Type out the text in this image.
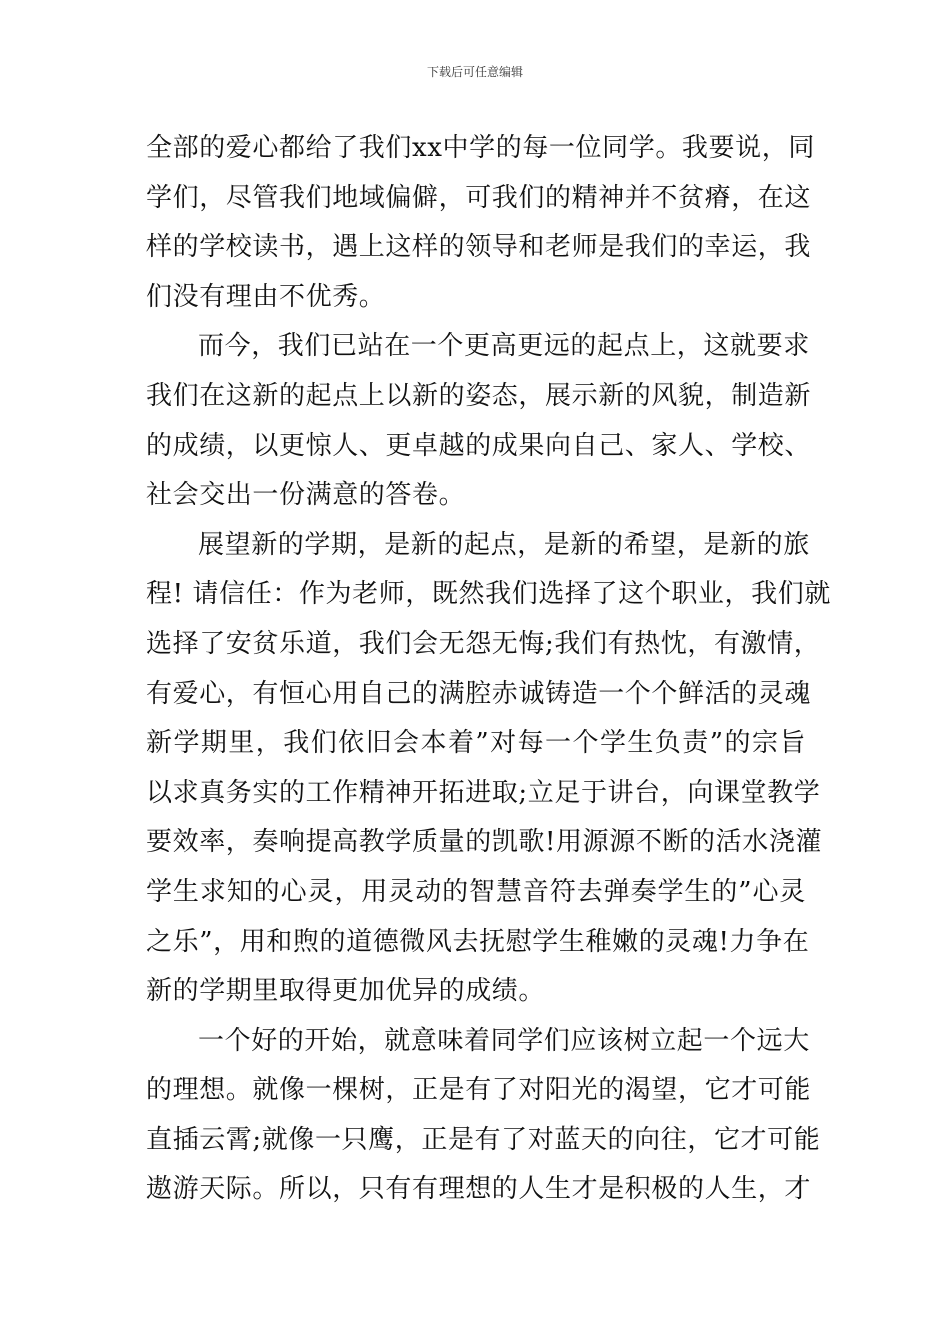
下载后可任意编辑
全部的爱心都给了我们xx中学的每一位同学。我要说，同
学们，尽管我们地域偏僻，可我们的精神并不贫瘠，在这
样的学校读书，遇上这样的领导和老师是我们的幸运，我
们没有理由不优秀。
而今，我们已站在一个更高更远的起点上，这就要求
我们在这新的起点上以新的姿态，展示新的风貌，制造新
的成绩，以更惊人、更卓越的成果向自己、家人、学校、
社会交出一份满意的答卷。
展望新的学期，是新的起点，是新的希望，是新的旅
程! 请信任：作为老师，既然我们选择了这个职业，我们就
选择了安贫乐道，我们会无怨无悔;我们有热忱，有激情，
有爱心，有恒心用自己的满腔赤诚铸造一个个鲜活的灵魂
新学期里，我们依旧会本着”对每一个学生负责”的宗旨
以求真务实的工作精神开拓进取;立足于讲台，向课堂教学
要效率，奏响提高教学质量的凯歌!用源源不断的活水浇灌
学生求知的心灵，用灵动的智慧音符去弹奏学生的”心灵
之乐”，用和煦的道德微风去抚慰学生稚嫩的灵魂!力争在
新的学期里取得更加优异的成绩。
一个好的开始，就意味着同学们应该树立起一个远大
的理想。就像一棵树，正是有了对阳光的渴望，它才可能
直插云霄;就像一只鹰，正是有了对蓝天的向往，它才可能
遨游天际。所以，只有有理想的人生才是积极的人生，才
